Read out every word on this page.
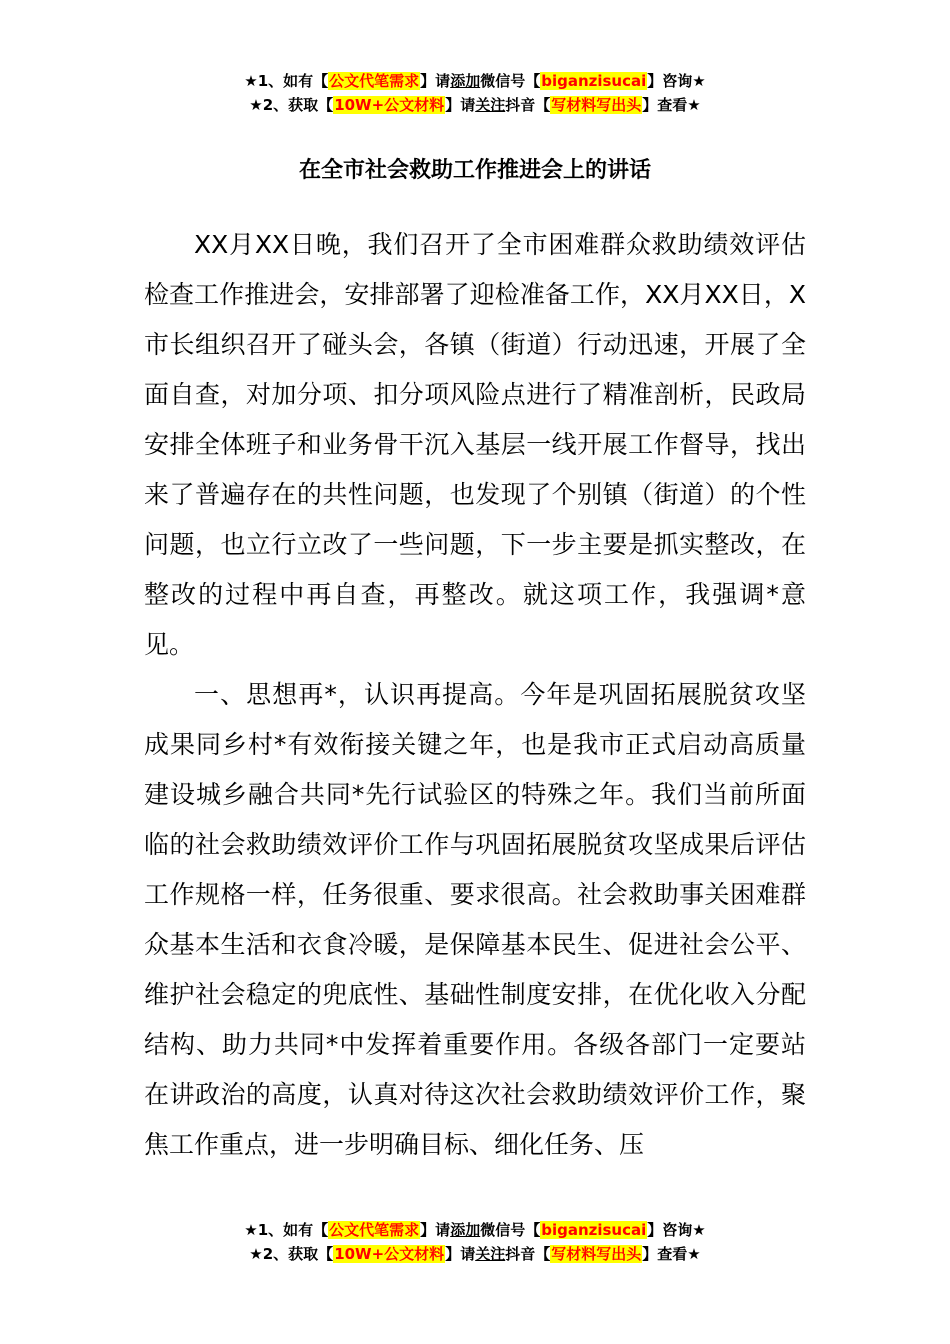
★1、如有【公文代笔需求】请添加微信号【biganzisucai】咨询★
★2、获取【10W+公文材料】请关注抖音【写材料写出头】查看★
在全市社会救助工作推进会上的讲话

XX月XX日晚，我们召开了全市困难群众救助绩效评估检查工作推进会，安排部署了迎检准备工作，XX月XX日，X市长组织召开了碰头会，各镇（街道）行动迅速，开展了全面自查，对加分项、扣分项风险点进行了精准剖析，民政局安排全体班子和业务骨干沉入基层一线开展工作督导，找出来了普遍存在的共性问题，也发现了个别镇（街道）的个性问题，也立行立改了一些问题，下一步主要是抓实整改，在整改的过程中再自查，再整改。就这项工作，我强调*意见。

一、思想再*，认识再提高。今年是巩固拓展脱贫攻坚成果同乡村*有效衔接关键之年，也是我市正式启动高质量建设城乡融合共同*先行试验区的特殊之年。我们当前所面临的社会救助绩效评价工作与巩固拓展脱贫攻坚成果后评估工作规格一样，任务很重、要求很高。社会救助事关困难群众基本生活和衣食冷暖，是保障基本民生、促进社会公平、维护社会稳定的兜底性、基础性制度安排，在优化收入分配结构、助力共同*中发挥着重要作用。各级各部门一定要站在讲政治的高度，认真对待这次社会救助绩效评价工作，聚焦工作重点，进一步明确目标、细化任务、压

★1、如有【公文代笔需求】请添加微信号【biganzisucai】咨询★
★2、获取【10W+公文材料】请关注抖音【写材料写出头】查看★
